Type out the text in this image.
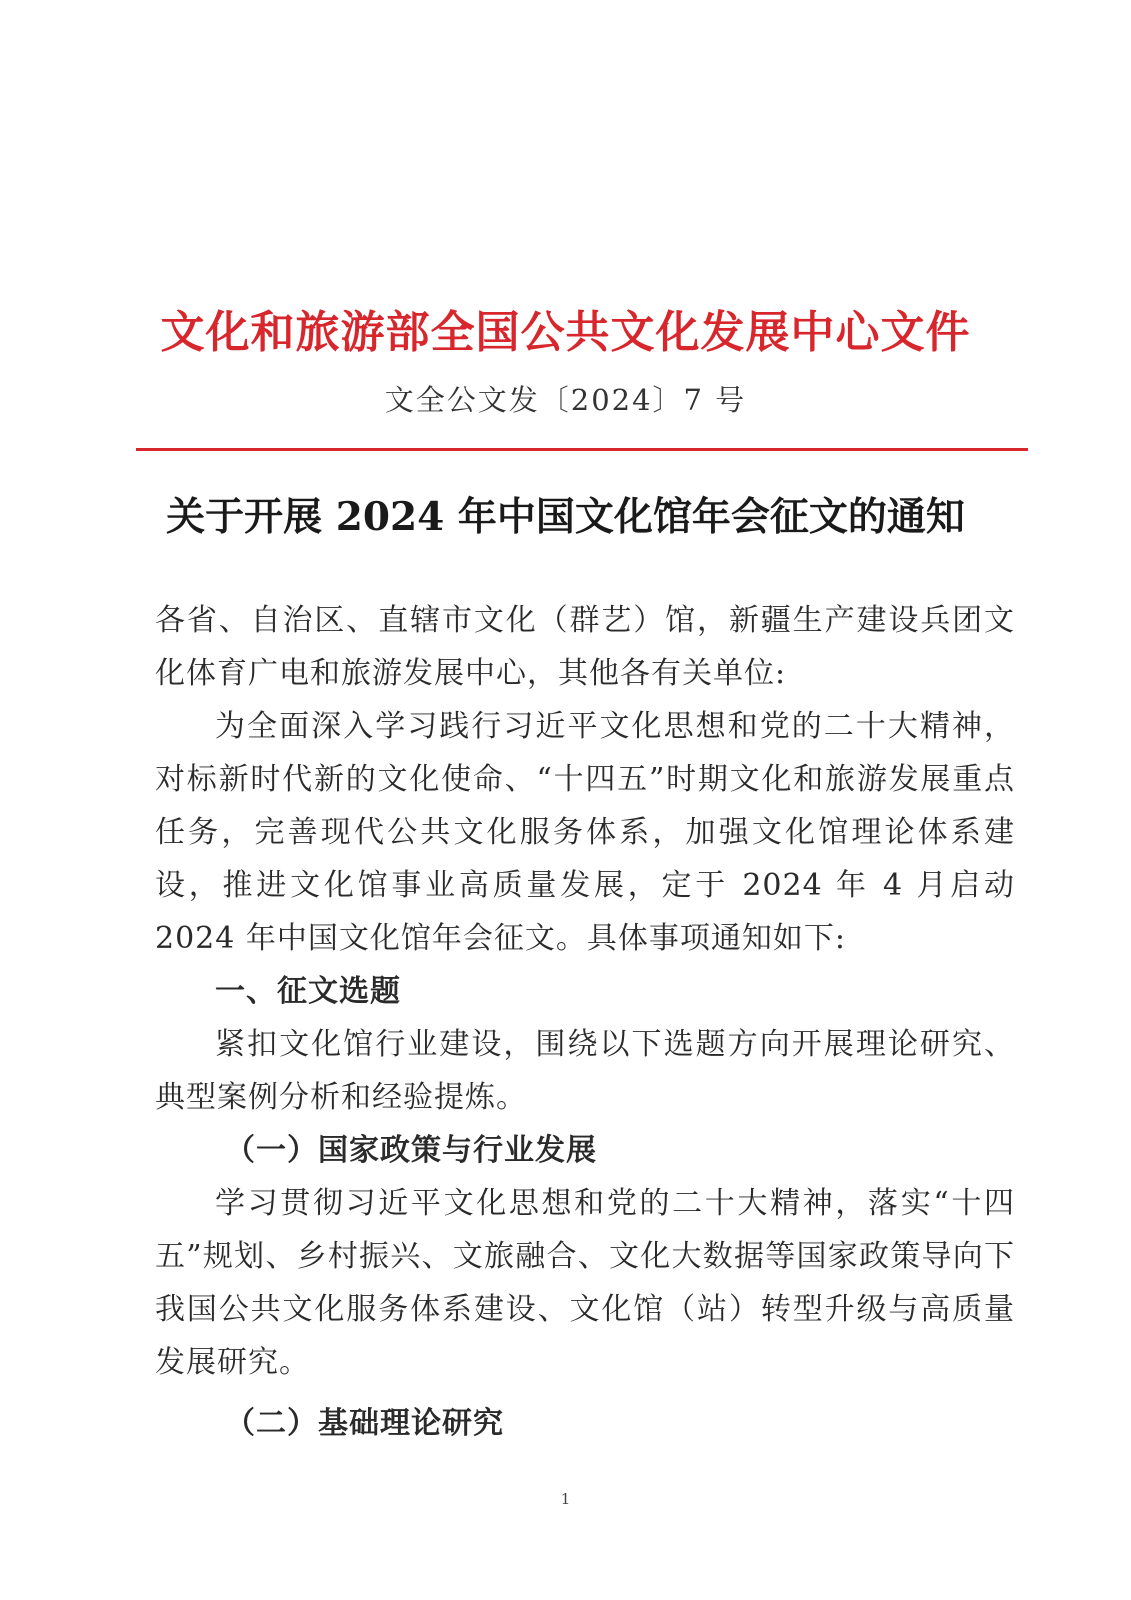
文化和旅游部全国公共文化发展中心文件
文全公文发〔2024〕7 号
关于开展 2024 年中国文化馆年会征文的通知

各省、自治区、直辖市文化（群艺）馆，新疆生产建设兵团文化体育广电和旅游发展中心，其他各有关单位:

为全面深入学习践行习近平文化思想和党的二十大精神，对标新时代新的文化使命、“十四五”时期文化和旅游发展重点任务，完善现代公共文化服务体系，加强文化馆理论体系建设，推进文化馆事业高质量发展，定于 2024 年 4 月启动 2024 年中国文化馆年会征文。具体事项通知如下:

一、征文选题

紧扣文化馆行业建设，围绕以下选题方向开展理论研究、典型案例分析和经验提炼。

（一）国家政策与行业发展

学习贯彻习近平文化思想和党的二十大精神，落实“十四五”规划、乡村振兴、文旅融合、文化大数据等国家政策导向下我国公共文化服务体系建设、文化馆（站）转型升级与高质量发展研究。

（二）基础理论研究

1
